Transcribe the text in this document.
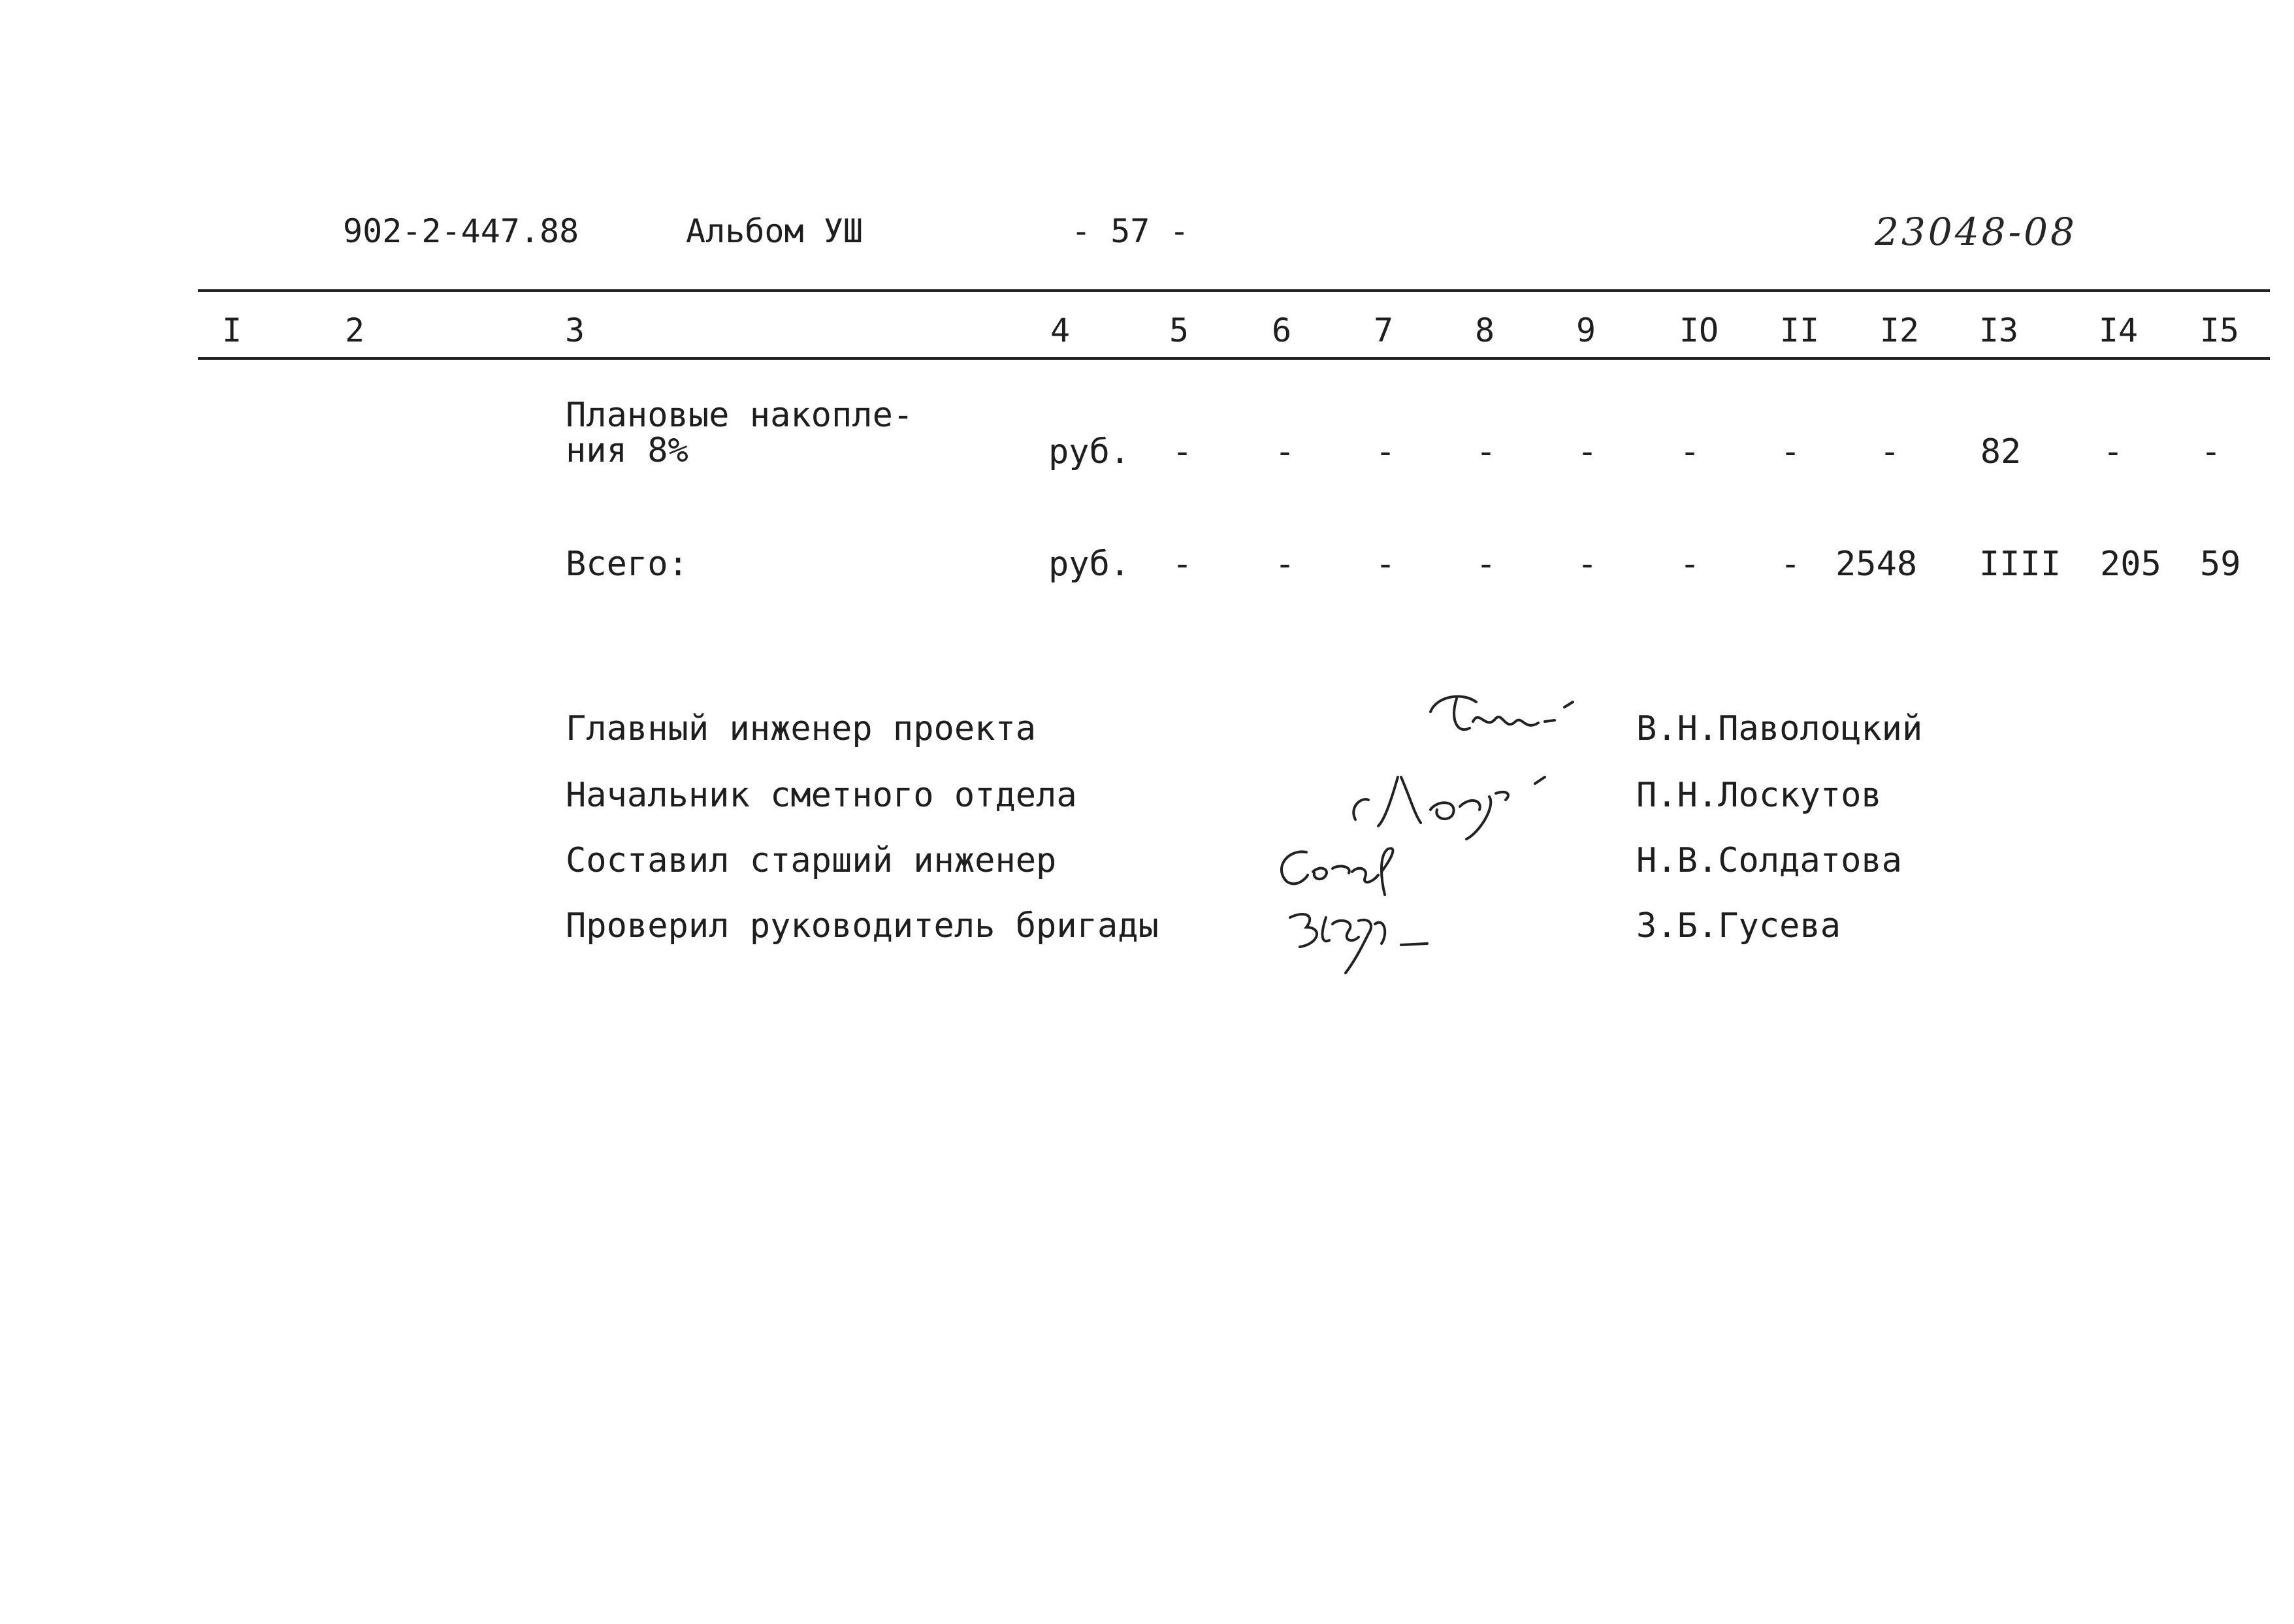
902-2-447.88	Альбом УШ	- 57 -	23048-08
I	2	3	4	5	6	7	8	9	IO	II	I2	I3	I4	I5
Плановые накопле-
ния 8%	руб.	-	-	-	-	-	-	-	-	82	-	-
Всего:	руб.	-	-	-	-	-	-	-	2548 IIII 205 59
Главный инженер проекта	В.Н.Паволоцкий
Начальник сметного отдела	П.Н.Лоскутов
Составил старший инженер	Н.В.Солдатова
Проверил руководитель бригады	З.Б.Гусева
